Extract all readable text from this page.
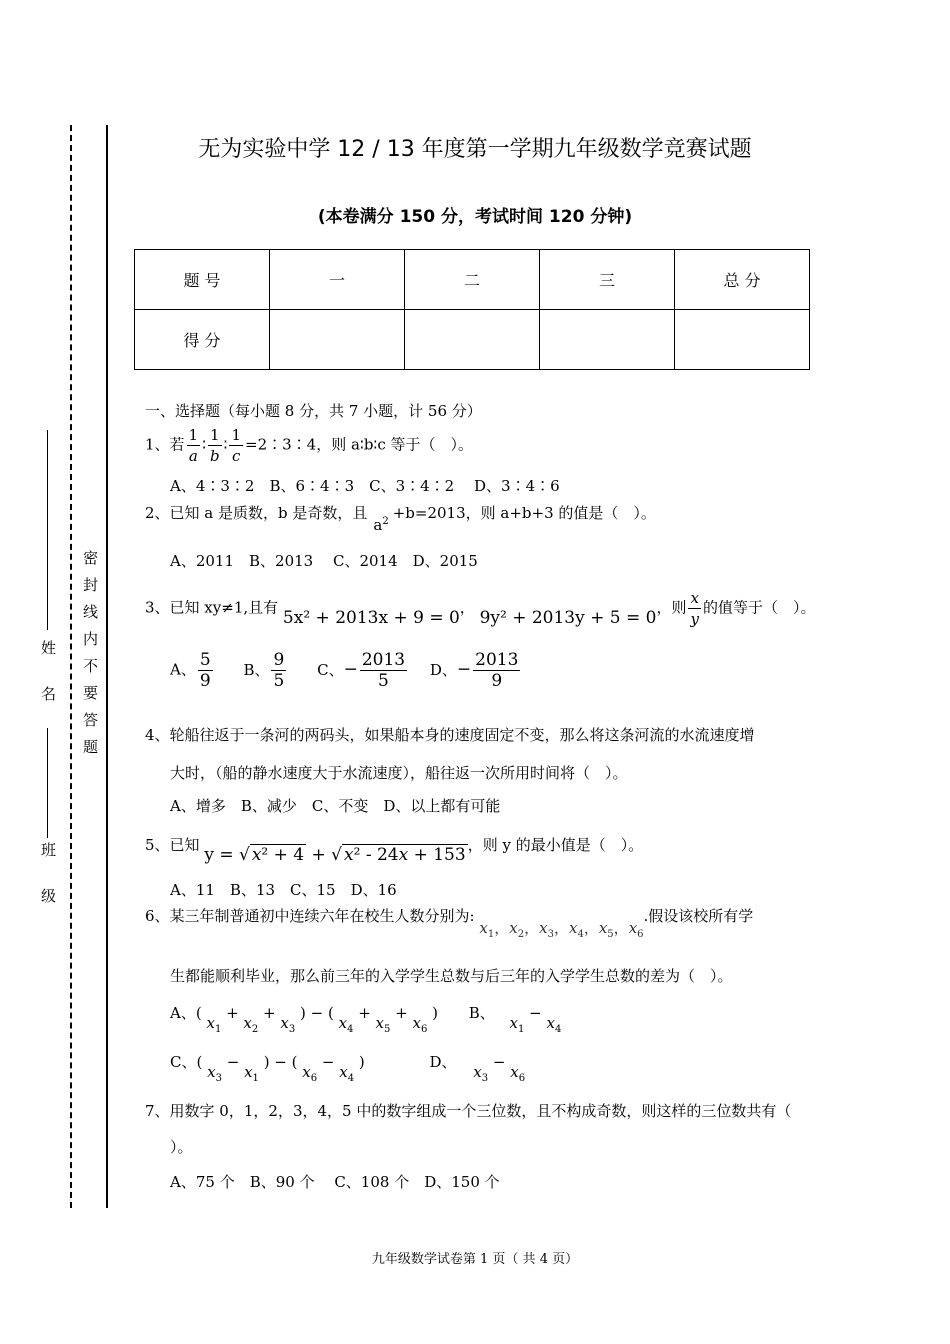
姓　名
班　级
密封线内不要答题
无为实验中学 12 / 13 年度第一学期九年级数学竞赛试题
(本卷满分 150 分，考试时间 120 分钟)
题 号	一	二	三	总 分
得 分				
一、选择题（每小题 8 分，共 7 小题，计 56 分）
1、若 $\frac{1}{a}$ ∶ $\frac{1}{b}$ ∶ $\frac{1}{c}$ =2∶3∶4，则 a∶b∶c 等于（　）。
A、4∶3∶2　B、6∶4∶3　C、3∶4∶2　 D、3∶4∶6
2、已知 a 是质数，b 是奇数，且$a^2 +b=2013$，则 a+b+3 的值是（　）。
A、2011　B、2013　 C、2014　D、2015
3、已知 xy≠1,且有 5x² + 2013x + 9 = 0， 9y² + 2013y + 5 = 0，则 $\frac{x}{y}$ 的值等于（　）。
A、 $\frac{5}{9}$ B、 $\frac{9}{5}$ C、− $\frac{2013}{5}$ D、− $\frac{2013}{9}$
4、轮船往返于一条河的两码头，如果船本身的速度固定不变，那么将这条河流的水流速度增
大时，（船的静水速度大于水流速度），船往返一次所用时间将（　）。
A、增多　B、减少　C、不变　D、以上都有可能
5、已知 y = √ x² + 4 + √ x² - 24x + 153 ，则 y 的最小值是（　）。
A、11　B、13　C、15　D、16
6、某三年制普通初中连续六年在校生人数分别为: $x_1$，$x_2$，$x_3$，$x_4$，$x_5$，$x_6$.假设该校所有学
生都能顺利毕业，那么前三年的入学学生总数与后三年的入学学生总数的差为（　）。
A、( $x_1 + x_2 + x_3$ ) − ( $x_4 + x_5 + x_6$ ) B、 $x_1 - x_4$
C、( $x_3 - x_1$ ) − ( $x_6 - x_4$ )	D、 $x_3 - x_6$
7、用数字 0，1，2，3，4，5 中的数字组成一个三位数，且不构成奇数，则这样的三位数共有（
）。
A、75 个　B、90 个　 C、108 个　D、150 个
九年级数学试卷第 1 页（ 共 4 页）
